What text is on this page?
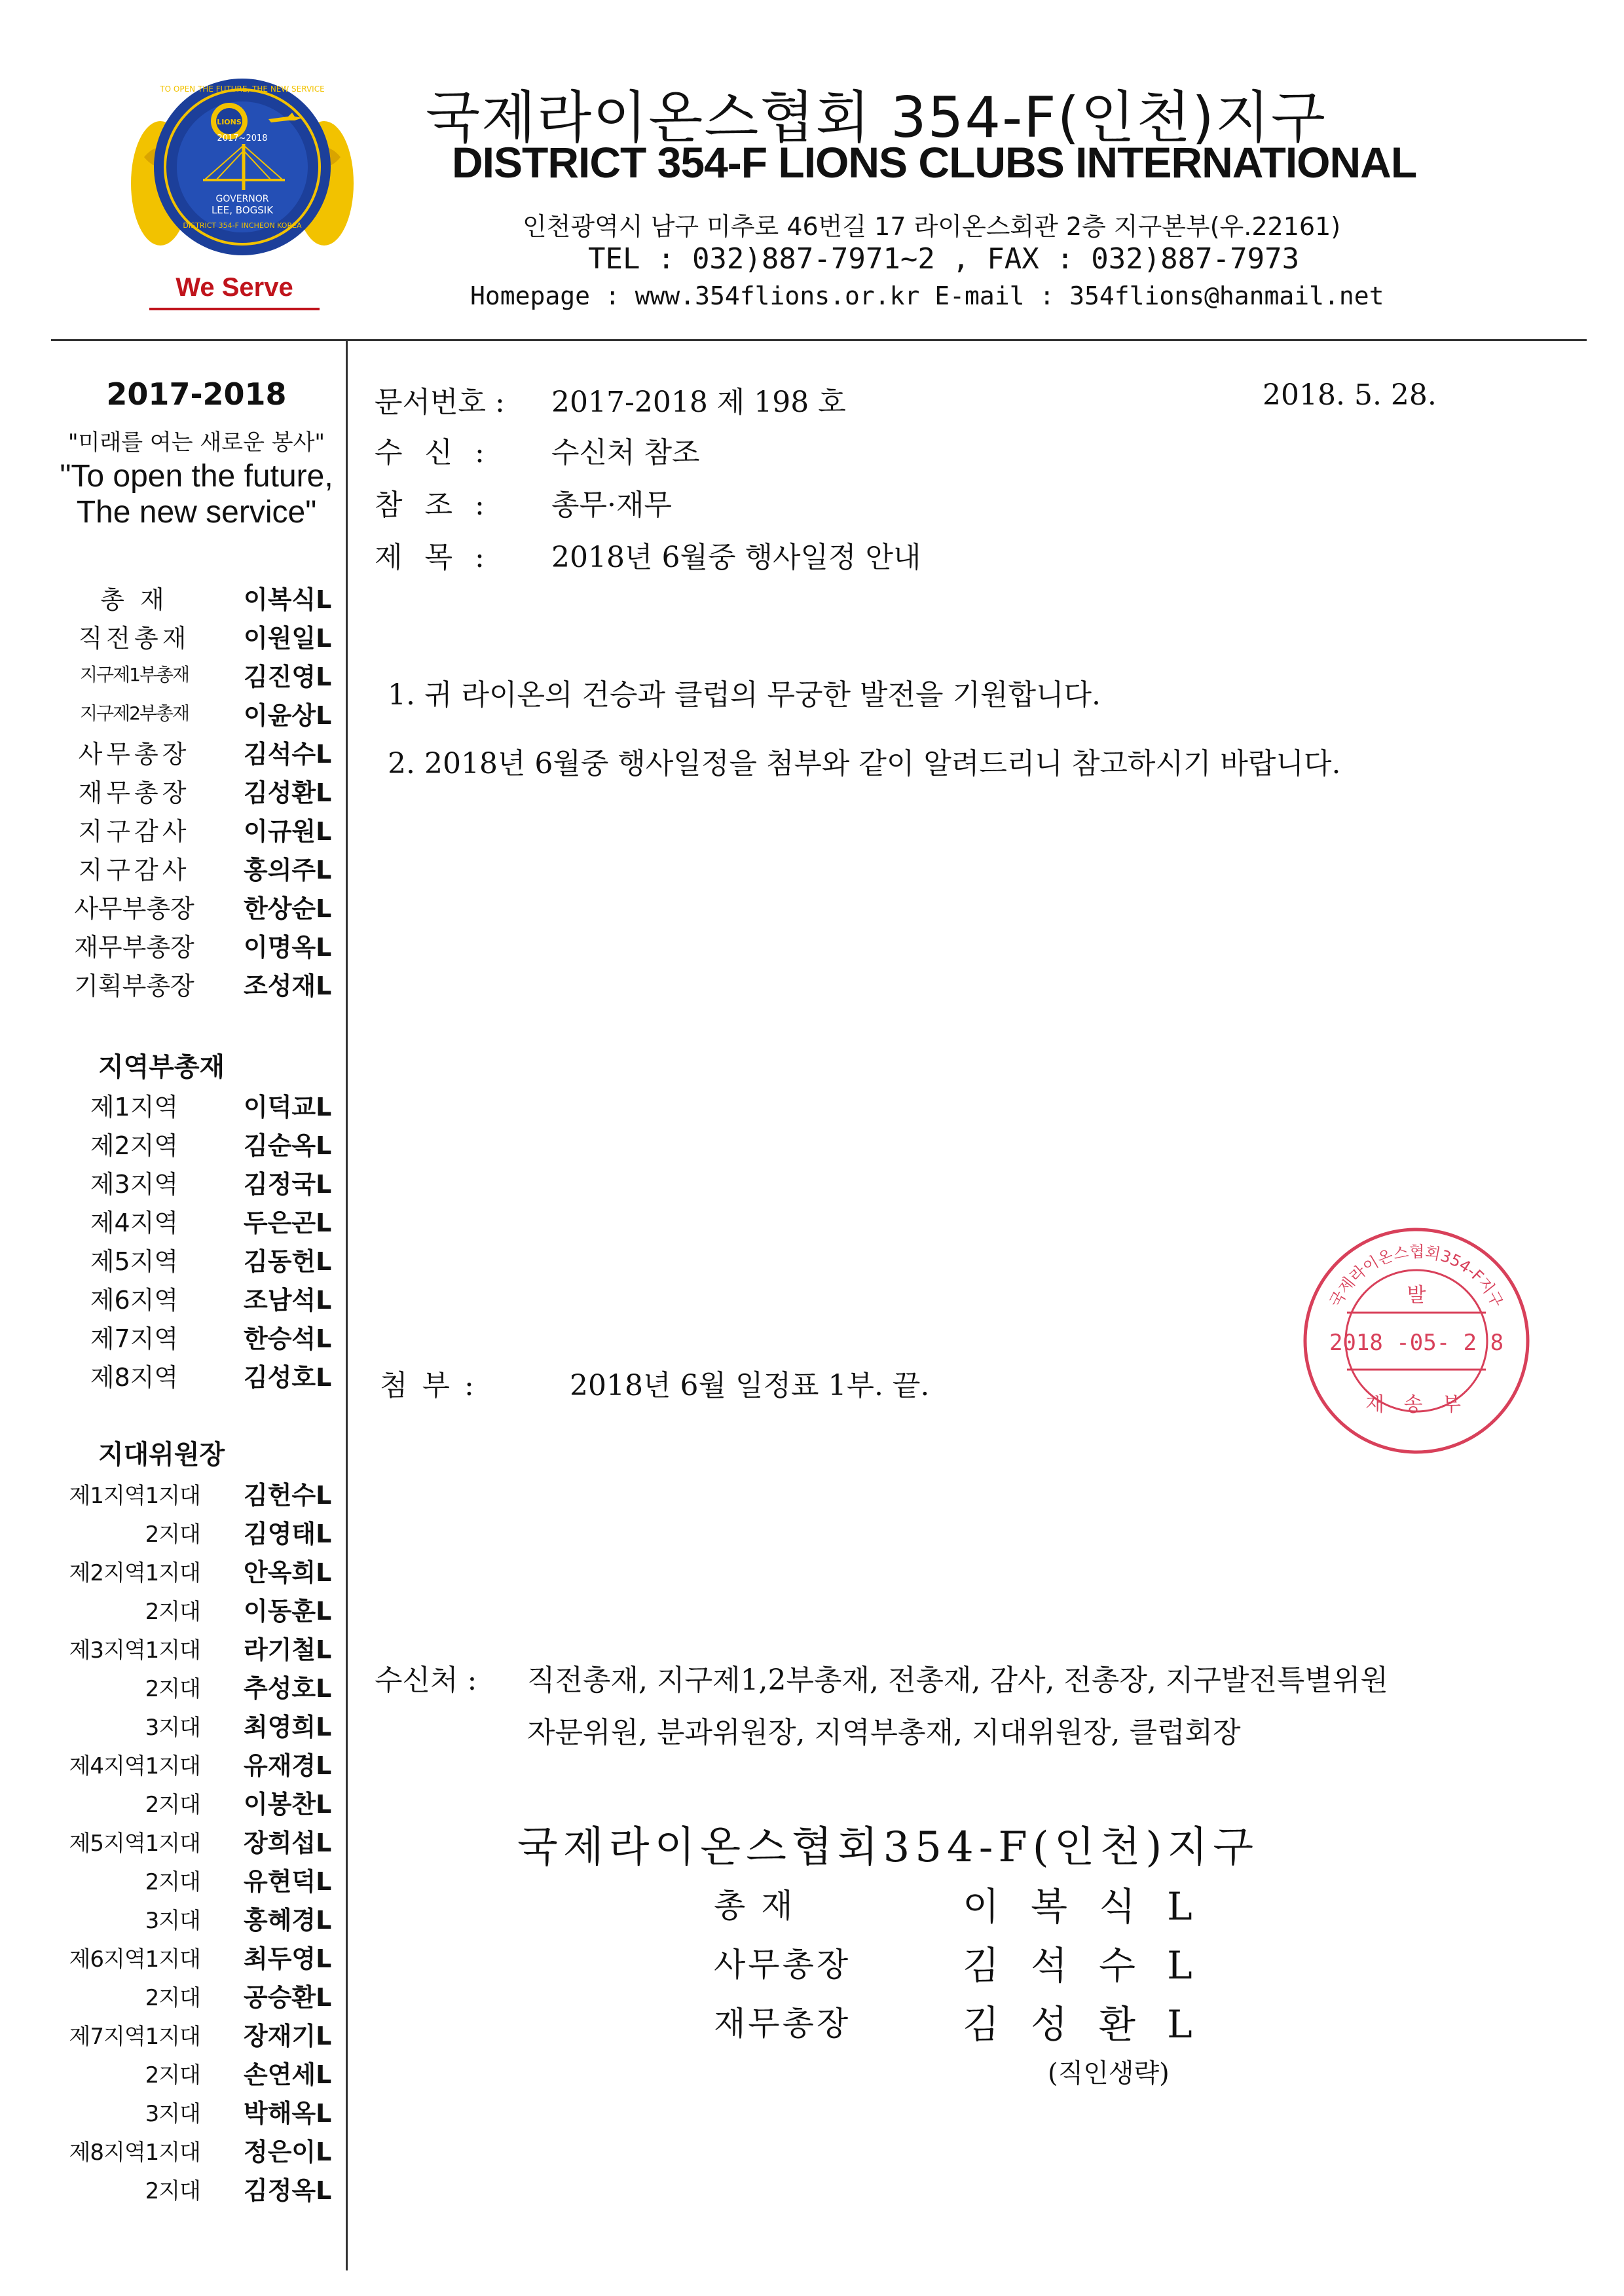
LIONS
2017~2018
GOVERNOR
LEE, BOGSIK
DISTRICT 354-F INCHEON KOREA
TO OPEN THE FUTURE, THE NEW SERVICE
We Serve
국제라이온스협회 354-F(인천)지구
DISTRICT 354-F LIONS CLUBS INTERNATIONAL
인천광역시 남구 미추로 46번길 17 라이온스회관 2층 지구본부(우.22161)
TEL : 032)887-7971~2 , FAX : 032)887-7973
Homepage : www.354flions.or.kr E-mail : 354flions@hanmail.net
2017-2018
"미래를 여는 새로운 봉사"
"To open the future,
The new service"
총 재	이복식L
직전총재	이원일L
지구제1부총재	김진영L
지구제2부총재	이윤상L
사무총장	김석수L
재무총장	김성환L
지구감사	이규원L
지구감사	홍의주L
사무부총장	한상순L
재무부총장	이명옥L
기획부총장	조성재L
지역부총재
제1지역	이덕교L
제2지역	김순옥L
제3지역	김정국L
제4지역	두은곤L
제5지역	김동헌L
제6지역	조남석L
제7지역	한승석L
제8지역	김성호L
지대위원장
제1지역1지대 김헌수L
2지대 김영태L
제2지역1지대 안옥희L
2지대 이동훈L
제3지역1지대 라기철L
2지대 추성호L
3지대 최영희L
제4지역1지대 유재경L
2지대 이봉찬L
제5지역1지대 장희섭L
2지대 유현덕L
3지대 홍혜경L
제6지역1지대 최두영L
2지대 공승환L
제7지역1지대 장재기L
2지대 손연세L
3지대 박해옥L
제8지역1지대 정은이L
2지대 김정옥L
문서번호 : 2017-2018 제 198 호	2018. 5. 28.
수 신 : 수신처 참조
참 조 : 총무·재무
제 목 : 2018년 6월중 행사일정 안내
1. 귀 라이온의 건승과 클럽의 무궁한 발전을 기원합니다.
2. 2018년 6월중 행사일정을 첨부와 같이 알려드리니 참고하시기 바랍니다.
첨 부 :	2018년 6월 일정표 1부. 끝.
수신처 : 직전총재, 지구제1,2부총재, 전총재, 감사, 전총장, 지구발전특별위원
자문위원, 분과위원장, 지역부총재, 지대위원장, 클럽회장
국제라이온스협회354-F(인천)지구
총 재	이복식L
사무총장	김석수L
재무총장	김성환L
(직인생략)
국제라이온스협회354-F지구
발
2018 -05- 2 8
재 송 부
